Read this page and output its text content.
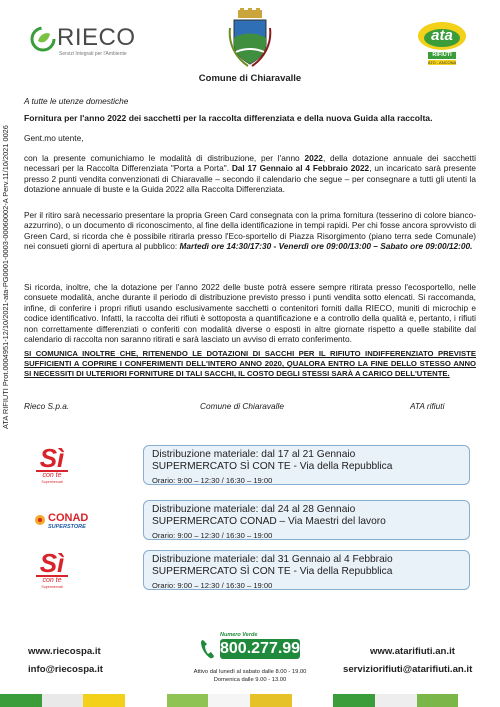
RIECO
Servizi Integrati per l'Ambiente
Comune di Chiaravalle
ata
RIFIUTI
ATO - ANCONA
ATA RIFIUTI Prot.0004951-12/10/2021-ata-PG0001-0003-00060002-A Perv.11/10/2021 0026
A tutte le utenze domestiche
Fornitura per l'anno 2022 dei sacchetti per la raccolta differenziata e della nuova Guida alla raccolta.
Gent.mo utente,
con la presente comunichiamo le modalità di distribuzione, per l'anno 2022, della dotazione annuale dei sacchetti necessari per la Raccolta Differenziata "Porta a Porta". Dal 17 Gennaio al 4 Febbraio 2022, un incaricato sarà presente presso 2 punti vendita convenzionati di Chiaravalle – secondo il calendario che segue – per consegnare a tutti gli utenti la dotazione annuale di buste e la Guida 2022 alla Raccolta Differenziata.
Per il ritiro sarà necessario presentare la propria Green Card consegnata con la prima fornitura (tesserino di colore bianco-azzurrino), o un documento di riconoscimento, al fine della identificazione in tempi rapidi. Per chi fosse ancora sprovvisto di Green Card, si ricorda che è possibile ritirarla presso l'Eco-sportello di Piazza Risorgimento (piano terra sede Comunale) nei consueti giorni di apertura al pubblico: Martedì ore 14:30/17:30 - Venerdì ore 09:00/13:00 – Sabato ore 09:00/12:00.
Si ricorda, inoltre, che la dotazione per l'anno 2022 delle buste potrà essere sempre ritirata presso l'ecosportello, nelle consuete modalità, anche durante il periodo di distribuzione previsto presso i punti vendita sotto elencati. Si raccomanda, infine, di conferire i propri rifiuti usando esclusivamente sacchetti o contenitori forniti dalla RIECO, muniti di microchip e codice identificativo. Infatti, la raccolta dei rifiuti è sottoposta a quantificazione e a controllo della qualità e, pertanto, i rifiuti non correttamente differenziati o conferiti con modalità diverse o esposti in altre giornate rispetto a quelle stabilite dal calendario di raccolta non saranno ritirati e sarà lasciato un avviso di errato conferimento.
SI COMUNICA INOLTRE CHE, RITENENDO LE DOTAZIONI DI SACCHI PER IL RIFIUTO INDIFFERENZIATO PREVISTE SUFFICIENTI A COPRIRE I CONFERIMENTI DELL'INTERO ANNO 2020, QUALORA ENTRO LA FINE DELLO STESSO ANNO SI NECESSITI DI ULTERIORI FORNITURE DI TALI SACCHI, IL COSTO DEGLI STESSI SARÀ A CARICO DELL'UTENTE.
Rieco S.p.a.	Comune di Chiaravalle	ATA rifiuti
Sì
con te
Supermercati
CONAD
SUPERSTORE
Sì
con te
Supermercati
Distribuzione materiale: dal 17 al 21 Gennaio
SUPERMERCATO SÌ CON TE - Via della Repubblica
Orario: 9:00 – 12:30 / 16:30 – 19:00
Distribuzione materiale: dal 24 al 28 Gennaio
SUPERMERCATO CONAD – Via Maestri del lavoro
Orario: 9:00 – 12:30 / 16:30 – 19:00
Distribuzione materiale: dal 31 Gennaio al 4 Febbraio
SUPERMERCATO SÌ CON TE - Via della Repubblica
Orario: 9:00 – 12:30 / 16:30 – 19:00
www.riecospa.it
info@riecospa.it
Numero Verde
800.277.999
Attivo dal lunedì al sabato dalle 8.00 - 19.00
Domenica dalle 9.00 - 13.00
www.atarifiuti.an.it
serviziorifiuti@atarifiuti.an.it
